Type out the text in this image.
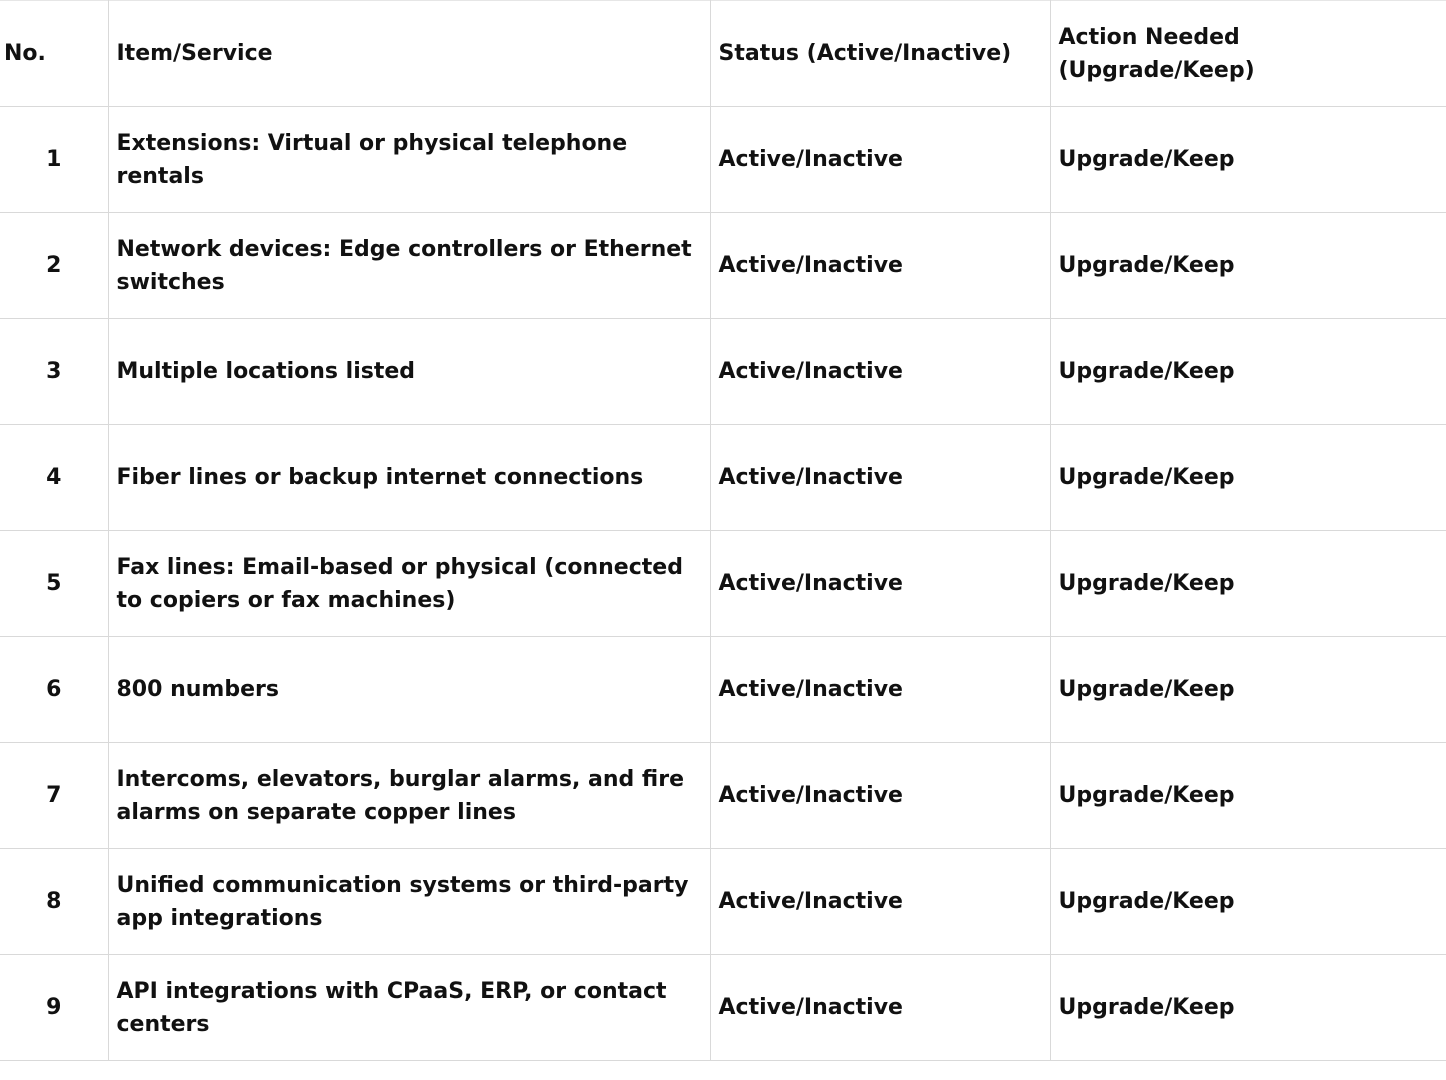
No.	Item/Service	Status (Active/Inactive)	Action Needed (Upgrade/Keep)
1	Extensions: Virtual or physical telephone rentals	Active/Inactive	Upgrade/Keep
2	Network devices: Edge controllers or Ethernet switches	Active/Inactive	Upgrade/Keep
3	Multiple locations listed	Active/Inactive	Upgrade/Keep
4	Fiber lines or backup internet connections	Active/Inactive	Upgrade/Keep
5	Fax lines: Email-based or physical (connected to copiers or fax machines)	Active/Inactive	Upgrade/Keep
6	800 numbers	Active/Inactive	Upgrade/Keep
7	Intercoms, elevators, burglar alarms, and fire alarms on separate copper lines	Active/Inactive	Upgrade/Keep
8	Unified communication systems or third-party app integrations	Active/Inactive	Upgrade/Keep
9	API integrations with CPaaS, ERP, or contact centers	Active/Inactive	Upgrade/Keep
